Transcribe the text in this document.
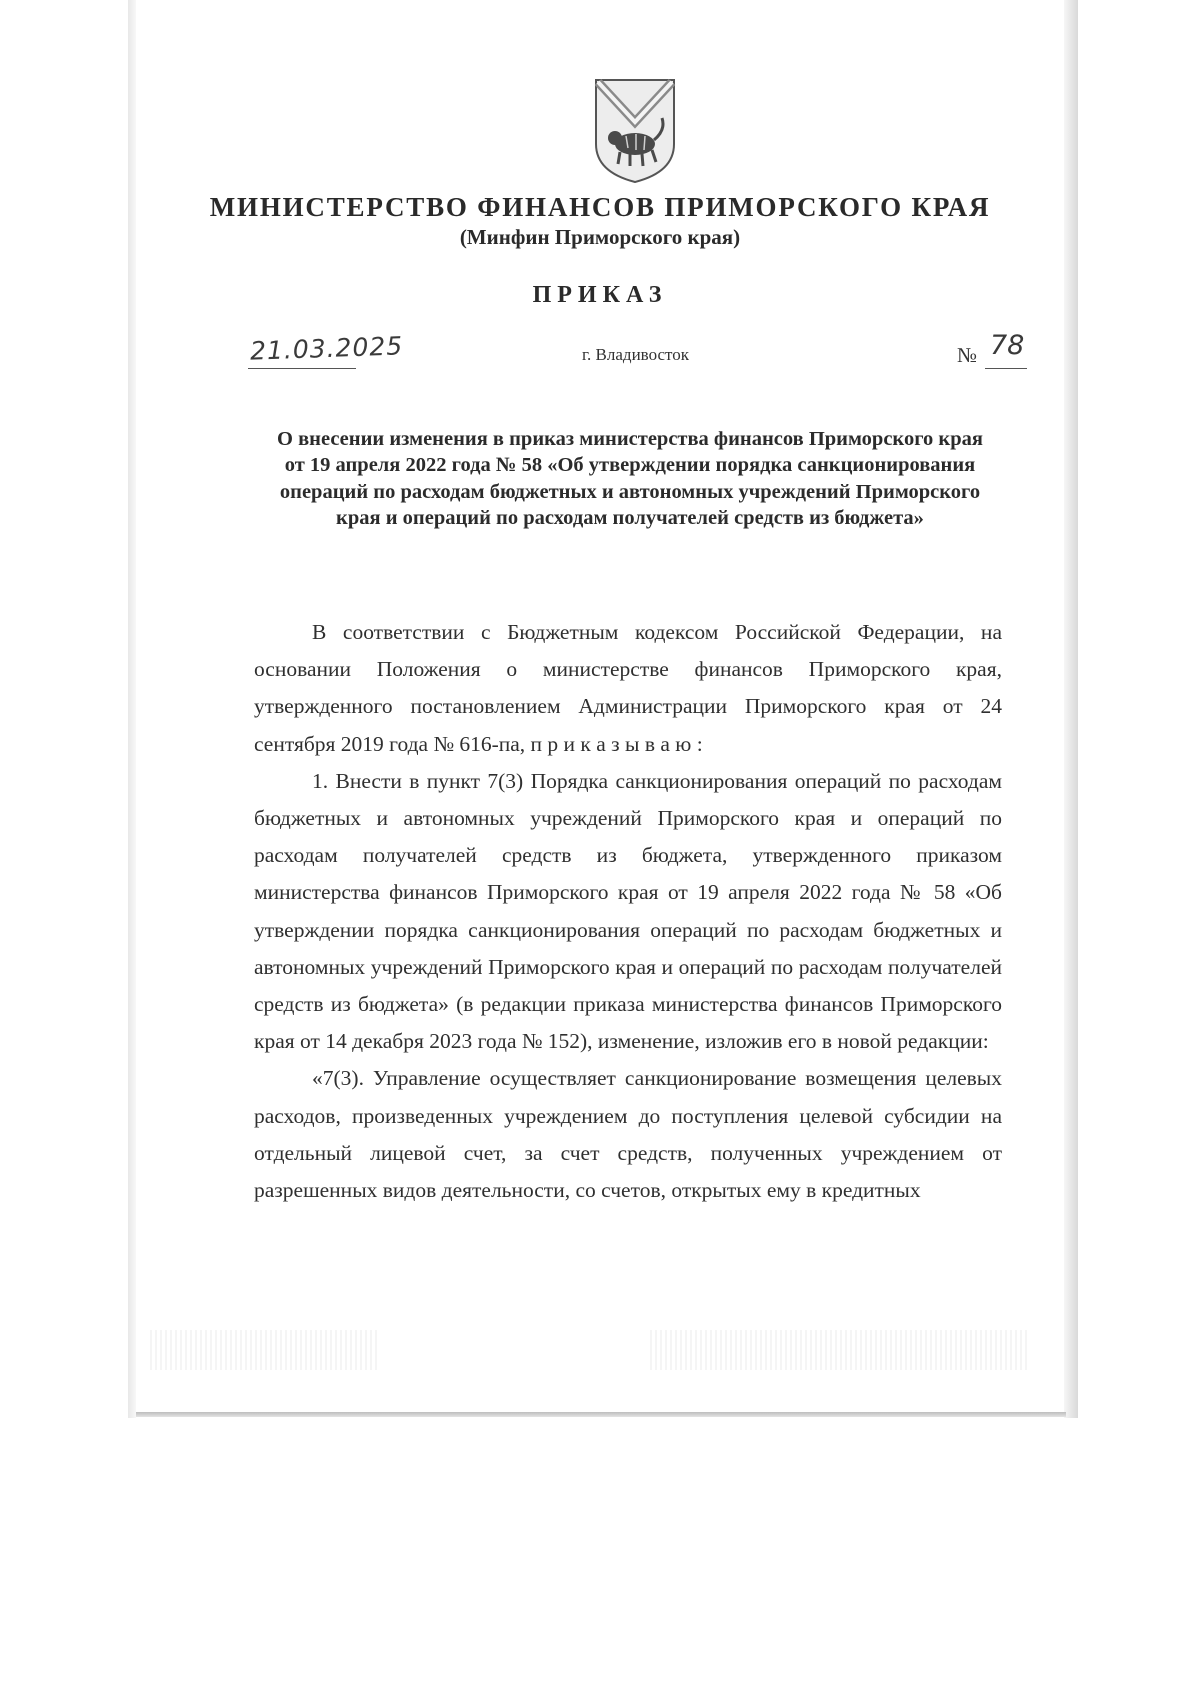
МИНИСТЕРСТВО ФИНАНСОВ ПРИМОРСКОГО КРАЯ
(Минфин Приморского края)
ПРИКАЗ
21.03.2025	г. Владивосток	№ 78
О внесении изменения в приказ министерства финансов Приморского края от 19 апреля 2022 года № 58 «Об утверждении порядка санкционирования операций по расходам бюджетных и автономных учреждений Приморского края и операций по расходам получателей средств из бюджета»

В соответствии с Бюджетным кодексом Российской Федерации, на основании Положения о министерстве финансов Приморского края, утвержденного постановлением Администрации Приморского края от 24 сентября 2019 года № 616-па, п р и к а з ы в а ю :

1. Внести в пункт 7(3) Порядка санкционирования операций по расходам бюджетных и автономных учреждений Приморского края и операций по расходам получателей средств из бюджета, утвержденного приказом министерства финансов Приморского края от 19 апреля 2022 года № 58 «Об утверждении порядка санкционирования операций по расходам бюджетных и автономных учреждений Приморского края и операций по расходам получателей средств из бюджета» (в редакции приказа министерства финансов Приморского края от 14 декабря 2023 года № 152), изменение, изложив его в новой редакции:

«7(3). Управление осуществляет санкционирование возмещения целевых расходов, произведенных учреждением до поступления целевой субсидии на отдельный лицевой счет, за счет средств, полученных учреждением от разрешенных видов деятельности, со счетов, открытых ему в кредитных
